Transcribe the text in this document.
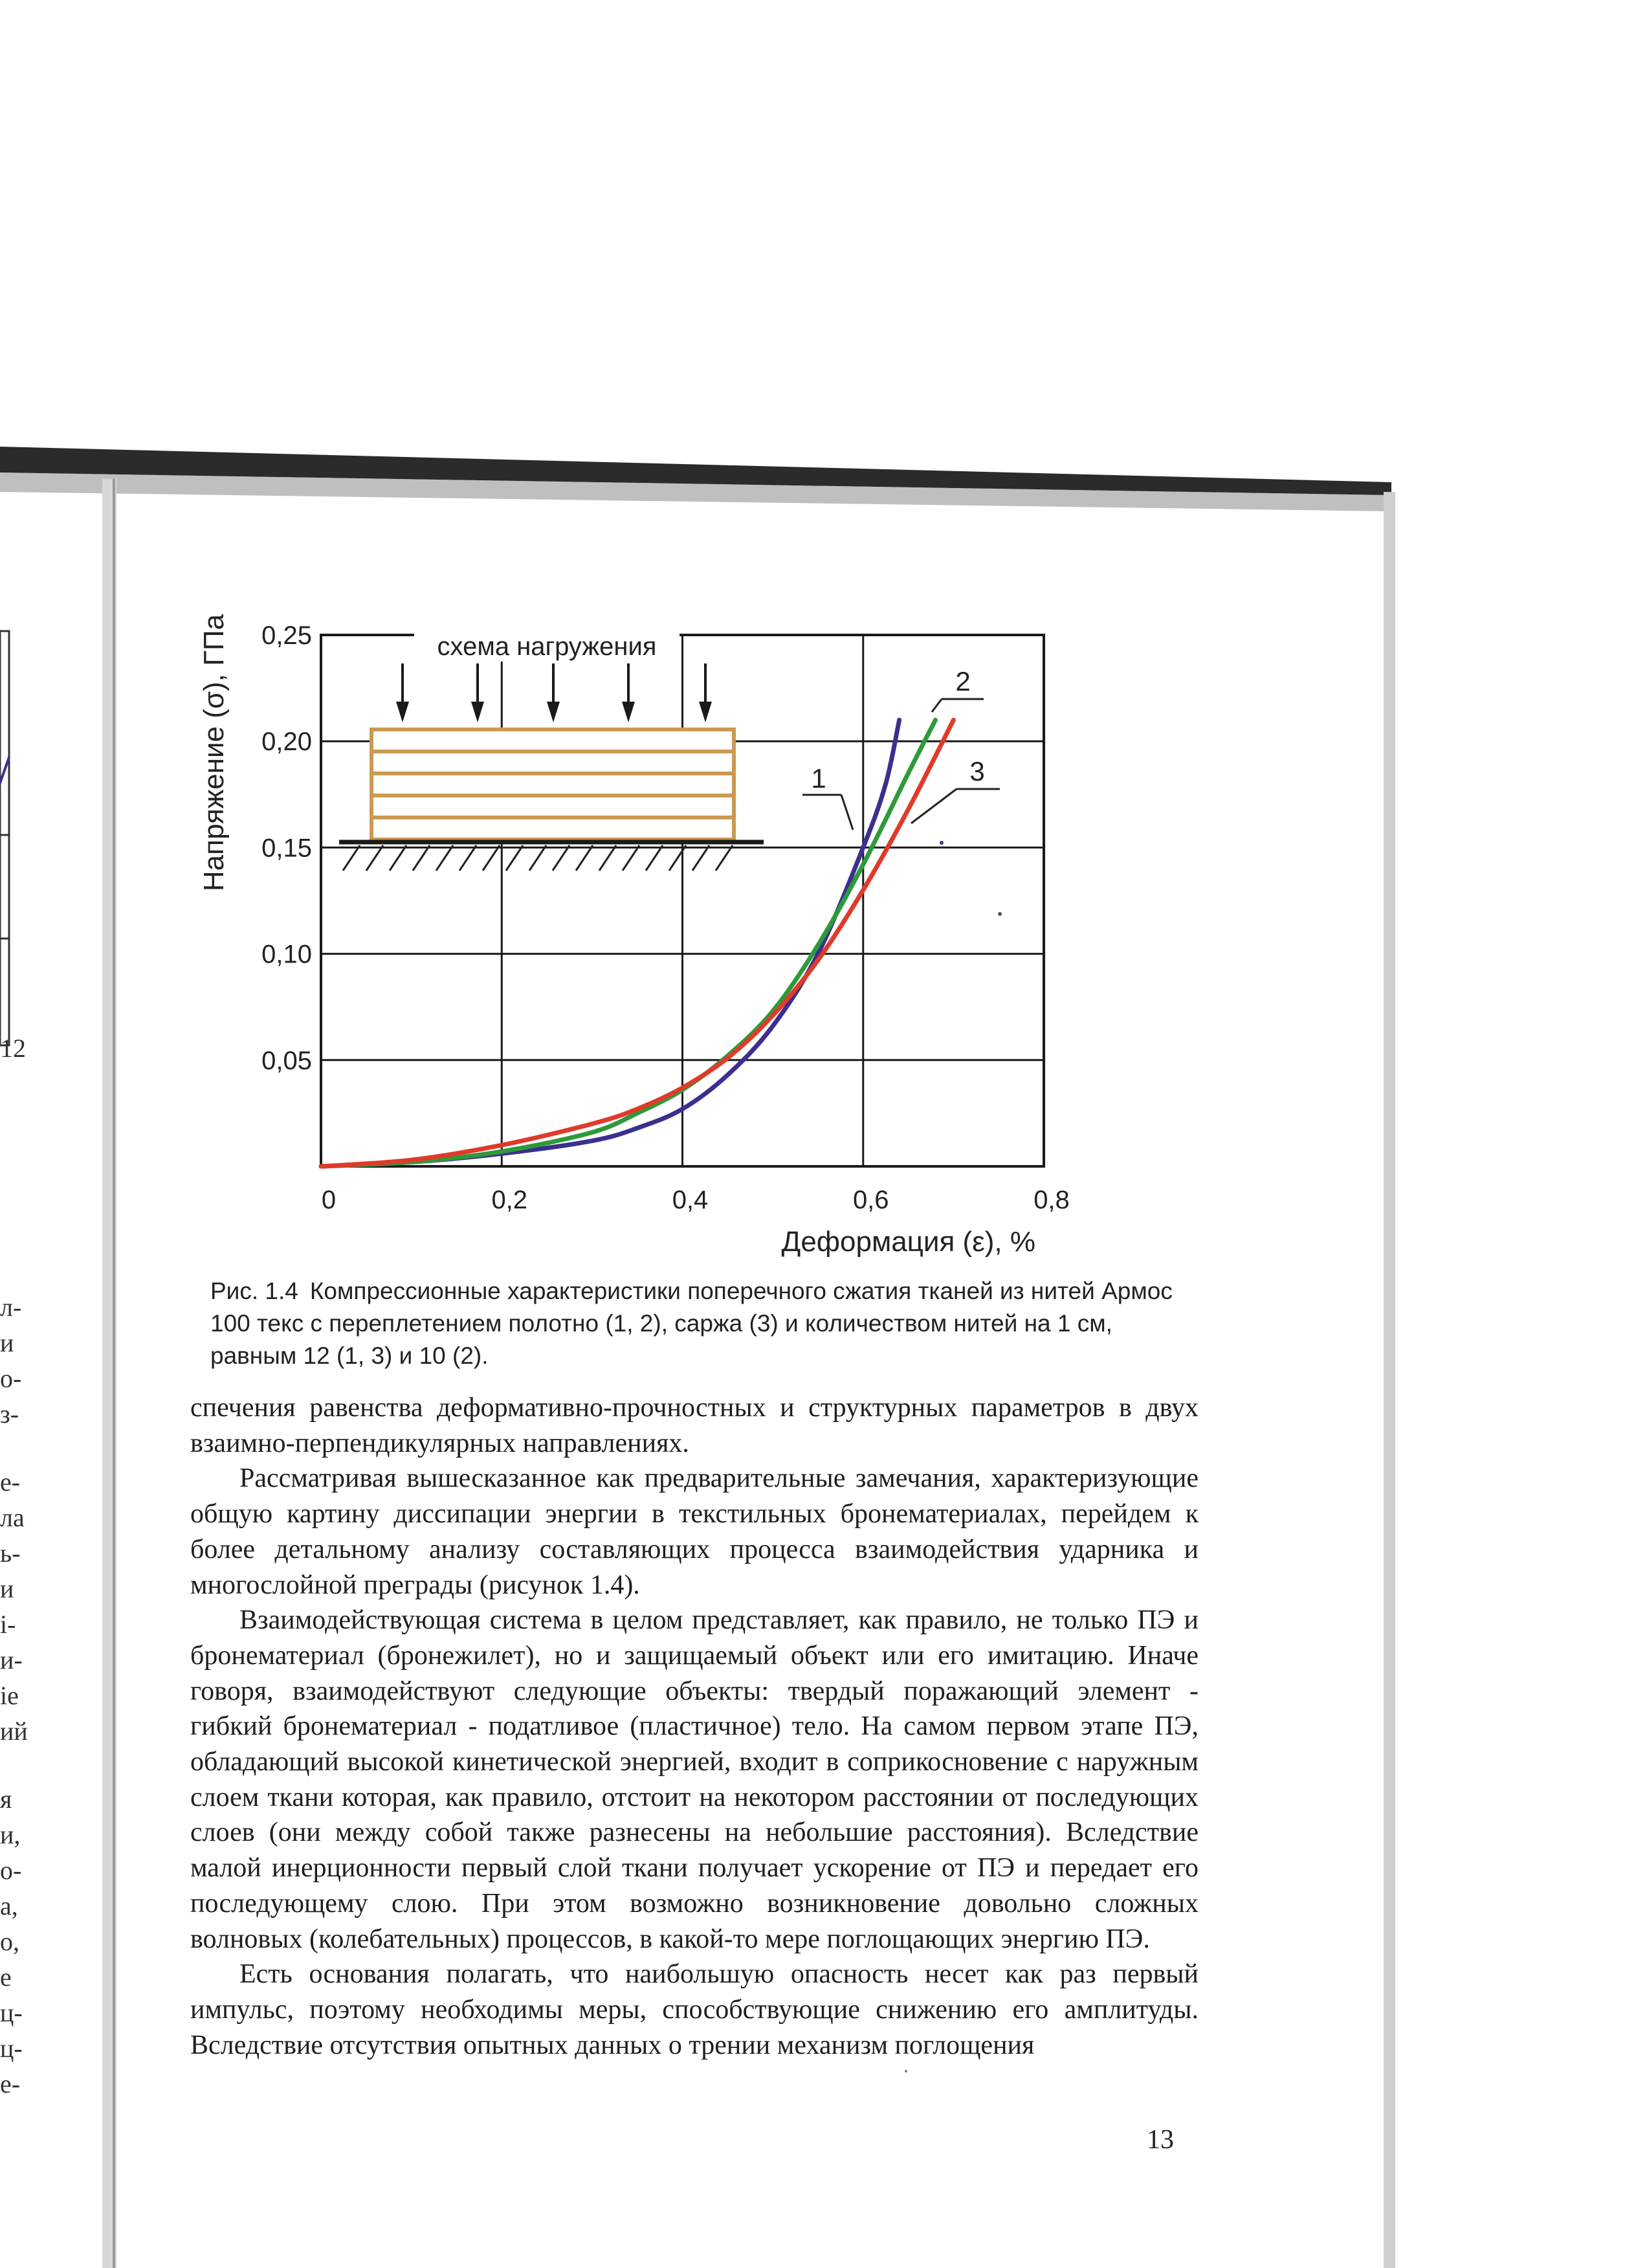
12
л-
и
о-
з-
е-
ла
ь-
и
і-
и-
ie
ий
я
и,
о-
а,
о,
е
ц-
ц-
е-
схема нагружения
1
2
3
0	0,2	0,4	0,6	0,8
0,05
0,10
0,15
0,20
0,25
Деформация (ε), %
Напряжение (σ), ГПа
Рис. 1.4 Компрессионные характеристики поперечного сжатия тканей из нитей Армос 100 текс с переплетением полотно (1, 2), саржа (3) и количеством нитей на 1 см, равным 12 (1, 3) и 10 (2).

спечения равенства деформативно-прочностных и структурных параметров в двух взаимно-перпендикулярных направлениях.

Рассматривая вышесказанное как предварительные замечания, характеризующие общую картину диссипации энергии в текстильных бронематериалах, перейдем к более детальному анализу составляющих процесса взаимодействия ударника и многослойной преграды (рисунок 1.4).

Взаимодействующая система в целом представляет, как правило, не только ПЭ и бронематериал (бронежилет), но и защищаемый объект или его имитацию. Иначе говоря, взаимодействуют следующие объекты: твердый поражающий элемент - гибкий бронематериал - податливое (пластичное) тело. На самом первом этапе ПЭ, обладающий высокой кинетической энергией, входит в соприкосновение с наружным слоем ткани которая, как правило, отстоит на некотором расстоянии от последующих слоев (они между собой также разнесены на небольшие расстояния). Вследствие малой инерционности первый слой ткани получает ускорение от ПЭ и передает его последующему слою. При этом возможно возникновение довольно сложных волновых (колебательных) процессов, в какой-то мере поглощающих энергию ПЭ.

Есть основания полагать, что наибольшую опасность несет как раз первый импульс, поэтому необходимы меры, способствующие снижению его амплитуды. Вследствие отсутствия опытных данных о трении механизм поглощения

13
